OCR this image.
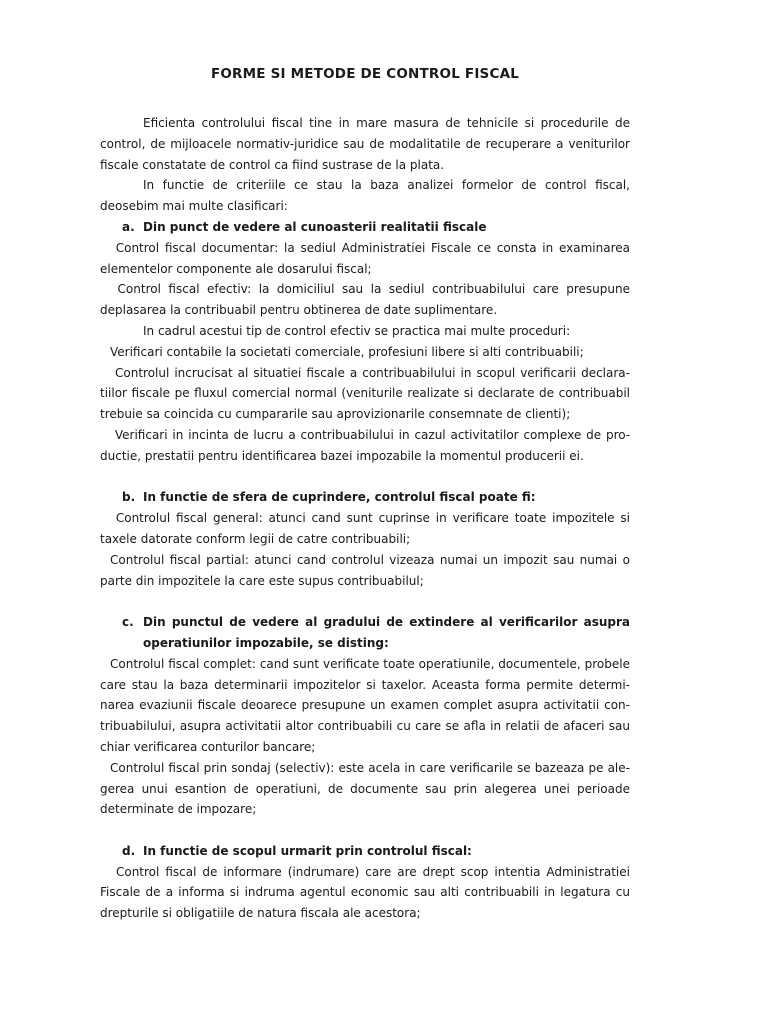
FORME SI METODE DE CONTROL FISCAL

Eficienta controlului fiscal tine in mare masura de tehnicile si procedurile de control, de mijloacele normativ-juridice sau de modalitatile de recuperare a veniturilor fiscale constatate de control ca fiind sustrase de la plata.

In functie de criteriile ce stau la baza analizei formelor de control fiscal, deosebim mai multe clasificari:

a. Din punct de vedere al cunoasterii realitatii fiscale

Control fiscal documentar: la sediul Administratiei Fiscale ce consta in examinarea elementelor componente ale dosarului fiscal;

Control fiscal efectiv: la domiciliul sau la sediul contribuabilului care presupune deplasarea la contribuabil pentru obtinerea de date suplimentare.

In cadrul acestui tip de control efectiv se practica mai multe proceduri:

Verificari contabile la societati comerciale, profesiuni libere si alti contribuabili;

Controlul incrucisat al situatiei fiscale a contribuabilului in scopul verificarii declaratiilor fiscale pe fluxul comercial normal (veniturile realizate si declarate de contribuabil trebuie sa coincida cu cumpararile sau aprovizionarile consemnate de clienti);

Verificari in incinta de lucru a contribuabilului in cazul activitatilor complexe de productie, prestatii pentru identificarea bazei impozabile la momentul producerii ei.

b. In functie de sfera de cuprindere, controlul fiscal poate fi:

Controlul fiscal general: atunci cand sunt cuprinse in verificare toate impozitele si taxele datorate conform legii de catre contribuabili;

Controlul fiscal partial: atunci cand controlul vizeaza numai un impozit sau numai o parte din impozitele la care este supus contribuabilul;

c. Din punctul de vedere al gradului de extindere al verificarilor asupra operatiunilor impozabile, se disting:

Controlul fiscal complet: cand sunt verificate toate operatiunile, documentele, probele care stau la baza determinarii impozitelor si taxelor. Aceasta forma permite determinarea evaziunii fiscale deoarece presupune un examen complet asupra activitatii contribuabilului, asupra activitatii altor contribuabili cu care se afla in relatii de afaceri sau chiar verificarea conturilor bancare;

Controlul fiscal prin sondaj (selectiv): este acela in care verificarile se bazeaza pe alegerea unui esantion de operatiuni, de documente sau prin alegerea unei perioade determinate de impozare;

d. In functie de scopul urmarit prin controlul fiscal:

Control fiscal de informare (indrumare) care are drept scop intentia Administratiei Fiscale de a informa si indruma agentul economic sau alti contribuabili in legatura cu drepturile si obligatiile de natura fiscala ale acestora;
